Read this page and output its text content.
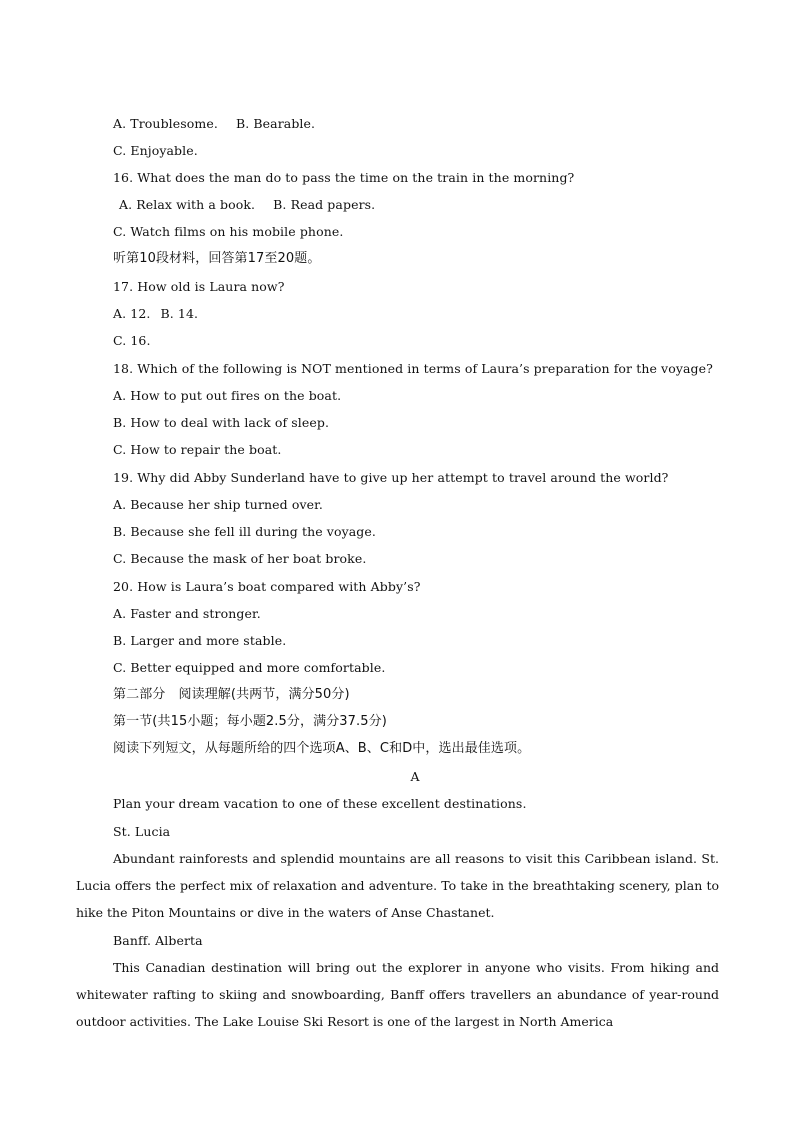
A. Troublesome. B. Bearable.
C. Enjoyable.
16. What does the man do to pass the time on the train in the morning?
A. Relax with a book. B. Read papers.
C. Watch films on his mobile phone.
听第10段材料，回答第17至20题。
17. How old is Laura now?
A. 12. B. 14.
C. 16.
18. Which of the following is NOT mentioned in terms of Laura’s preparation for the voyage?
A. How to put out fires on the boat.
B. How to deal with lack of sleep.
C. How to repair the boat.
19. Why did Abby Sunderland have to give up her attempt to travel around the world?
A. Because her ship turned over.
B. Because she fell ill during the voyage.
C. Because the mask of her boat broke.
20. How is Laura’s boat compared with Abby’s?
A. Faster and stronger.
B. Larger and more stable.
C. Better equipped and more comfortable.
第二部分　阅读理解(共两节，满分50分)
第一节(共15小题；每小题2.5分，满分37.5分)
阅读下列短文，从每题所给的四个选项A、B、C和D中，选出最佳选项。
A
Plan your dream vacation to one of these excellent destinations.
St. Lucia
Abundant rainforests and splendid mountains are all reasons to visit this Caribbean island. St. Lucia offers the perfect mix of relaxation and adventure. To take in the breathtaking scenery, plan to hike the Piton Mountains or dive in the waters of Anse Chastanet.
Banff. Alberta
This Canadian destination will bring out the explorer in anyone who visits. From hiking and whitewater rafting to skiing and snowboarding, Banff offers travellers an abundance of year-round outdoor activities. The Lake Louise Ski Resort is one of the largest in North America
